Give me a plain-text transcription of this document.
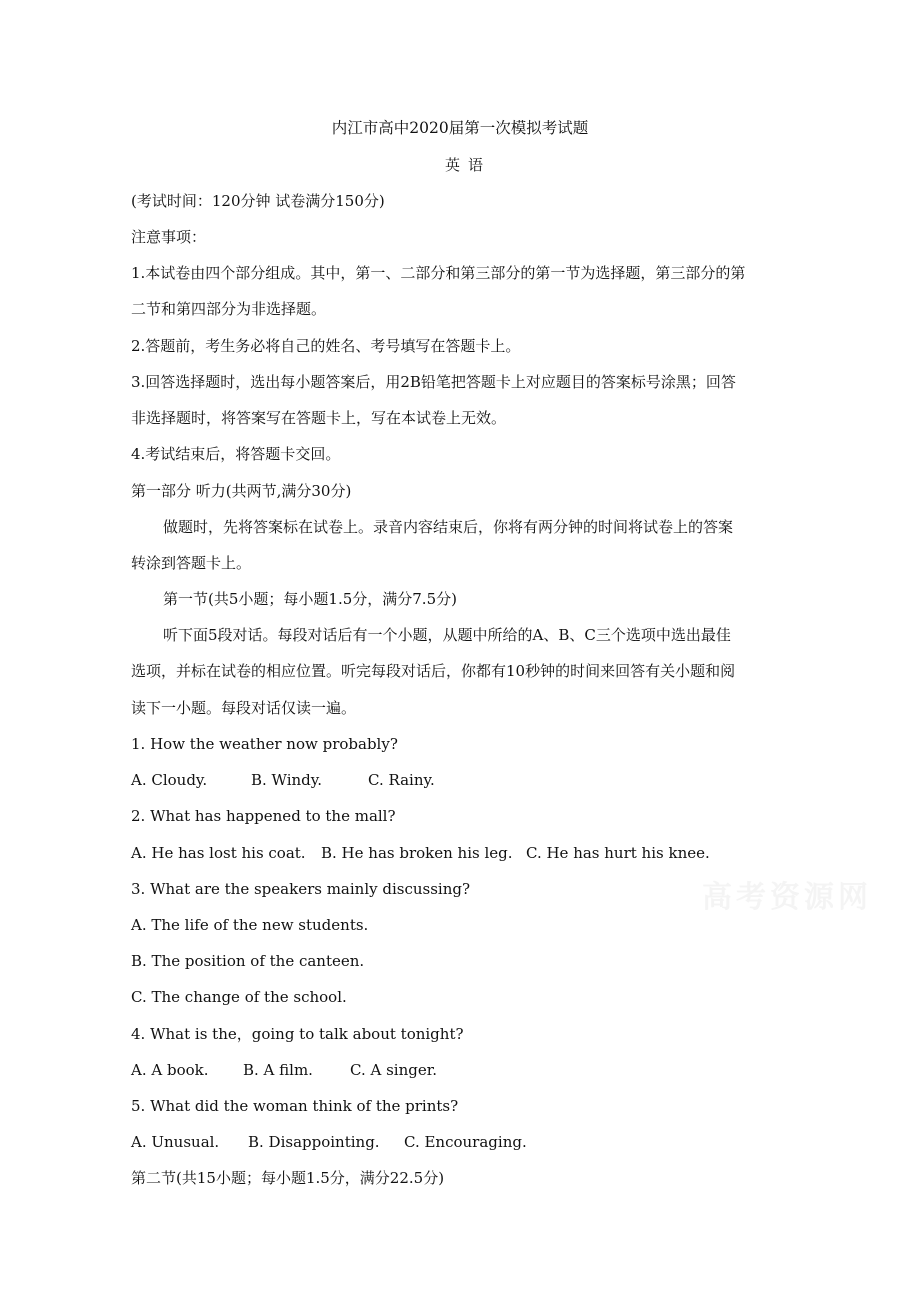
内江市高中2020届第一次模拟考试题
英语
(考试时间：120分钟 试卷满分150分)
注意事项：
1.本试卷由四个部分组成。其中，第一、二部分和第三部分的第一节为选择题，第三部分的第
二节和第四部分为非选择题。
2.答题前，考生务必将自己的姓名、考号填写在答题卡上。
3.回答选择题时，选出每小题答案后，用2B铅笔把答题卡上对应题目的答案标号涂黑；回答
非选择题时，将答案写在答题卡上，写在本试卷上无效。
4.考试结束后，将答题卡交回。
第一部分 听力(共两节,满分30分)
做题时，先将答案标在试卷上。录音内容结束后，你将有两分钟的时间将试卷上的答案
转涂到答题卡上。
第一节(共5小题；每小题1.5分，满分7.5分)
听下面5段对话。每段对话后有一个小题，从题中所给的A、B、C三个选项中选出最佳
选项，并标在试卷的相应位置。听完每段对话后，你都有10秒钟的时间来回答有关小题和阅
读下一小题。每段对话仅读一遍。
1. How the weather now probably?
A. Cloudy.	B. Windy.	C. Rainy.
2. What has happened to the mall?
A. He has lost his coat. B. He has broken his leg. C. He has hurt his knee.
3. What are the speakers mainly discussing?
A. The life of the new students.
B. The position of the canteen.
C. The change of the school.
4. What is the，going to talk about tonight?
A. A book. B. A film. C. A singer.
5. What did the woman think of the prints?
A. Unusual. B. Disappointing. C. Encouraging.
第二节(共15小题；每小题1.5分，满分22.5分)
高考资源网
